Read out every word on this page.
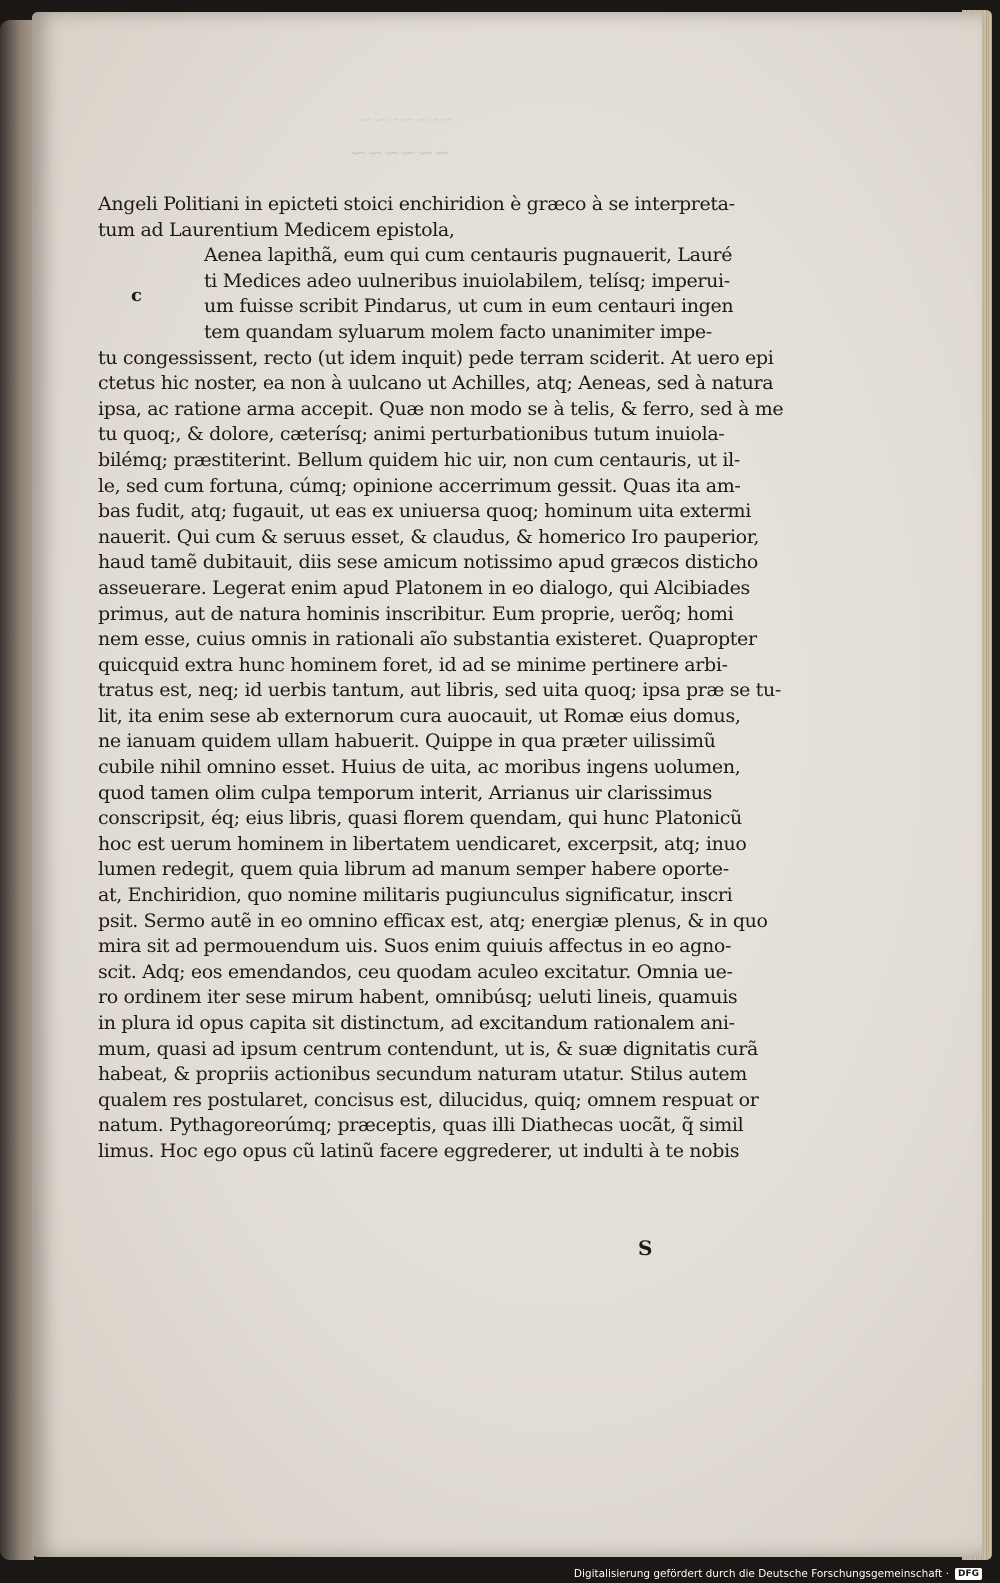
~~~~~~~
~~~~~~
c
Angeli Politiani in epicteti stoici enchiridion è græco à se interpreta-
tum ad Laurentium Medicem epistola,
Aenea lapithã, eum qui cum centauris pugnauerit, Lauré
ti Medices adeo uulneribus inuiolabilem, telísq; imperui-
um fuisse scribit Pindarus, ut cum in eum centauri ingen
tem quandam syluarum molem facto unanimiter impe-
tu congessissent, recto (ut idem inquit) pede terram sciderit. At uero epi
ctetus hic noster, ea non à uulcano ut Achilles, atq; Aeneas, sed à natura
ipsa, ac ratione arma accepit. Quæ non modo se à telis, & ferro, sed à me
tu quoq;, & dolore, cæterísq; animi perturbationibus tutum inuiola-
bilémq; præstiterint. Bellum quidem hic uir, non cum centauris, ut il-
le, sed cum fortuna, cúmq; opinione accerrimum gessit. Quas ita am-
bas fudit, atq; fugauit, ut eas ex uniuersa quoq; hominum uita extermi
nauerit. Qui cum & seruus esset, & claudus, & homerico Iro pauperior,
haud tamẽ dubitauit, diis sese amicum notissimo apud græcos disticho
asseuerare. Legerat enim apud Platonem in eo dialogo, qui Alcibiades
primus, aut de natura hominis inscribitur. Eum proprie, uerõq; homi
nem esse, cuius omnis in rationali aĩo substantia existeret. Quapropter
quicquid extra hunc hominem foret, id ad se minime pertinere arbi-
tratus est, neq; id uerbis tantum, aut libris, sed uita quoq; ipsa præ se tu-
lit, ita enim sese ab externorum cura auocauit, ut Romæ eius domus,
ne ianuam quidem ullam habuerit. Quippe in qua præter uilissimũ
cubile nihil omnino esset. Huius de uita, ac moribus ingens uolumen,
quod tamen olim culpa temporum interit, Arrianus uir clarissimus
conscripsit, éq; eius libris, quasi florem quendam, qui hunc Platonicũ
hoc est uerum hominem in libertatem uendicaret, excerpsit, atq; inuo
lumen redegit, quem quia librum ad manum semper habere oporte-
at, Enchiridion, quo nomine militaris pugiunculus significatur, inscri
psit. Sermo autẽ in eo omnino efficax est, atq; energiæ plenus, & in quo
mira sit ad permouendum uis. Suos enim quiuis affectus in eo agno-
scit. Adq; eos emendandos, ceu quodam aculeo excitatur. Omnia ue-
ro ordinem iter sese mirum habent, omnibúsq; ueluti lineis, quamuis
in plura id opus capita sit distinctum, ad excitandum rationalem ani-
mum, quasi ad ipsum centrum contendunt, ut is, & suæ dignitatis curã
habeat, & propriis actionibus secundum naturam utatur. Stilus autem
qualem res postularet, concisus est, dilucidus, quiq; omnem respuat or
natum. Pythagoreorúmq; præceptis, quas illi Diathecas uocãt, q̃ simil
limus. Hoc ego opus cũ latinũ facere eggrederer, ut indulti à te nobis
S
Digitalisierung gefördert durch die Deutsche Forschungsgemeinschaft ·	DFG
